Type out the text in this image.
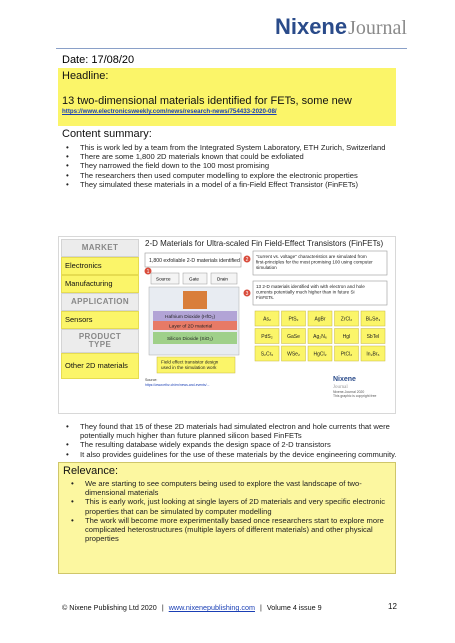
NixeneJournal
Date: 17/08/20
Headline:
13 two-dimensional materials identified for FETs, some new
https://www.electronicsweekly.com/news/research-news/754433-2020-08/
Content summary:
• This is work led by a team from the Integrated System Laboratory, ETH Zurich, Switzerland
• There are some 1,800 2D materials known that could be exfoliated
• They narrowed the field down to the 100 most promising
• The researchers then used computer modelling to explore the electronic properties
• They simulated these materials in a model of a fin-Field Effect Transistor (FinFETs)
MARKET
Electronics
Manufacturing
APPLICATION
Sensors
PRODUCT TYPE
Other 2D materials
2-D Materials for Ultra-scaled Fin Field-Effect Transistors (FinFETs)
1,800 exfoliable 2-D materials identified
1
Source	Gate	Drain
Hafnium Dioxide (HfO₂)
Layer of 2D material
Silicon Dioxide (SiO₂)
Field effect transistor design used in the simulation work
Source:
https://www.ethz.ch/en/news-and-events/...
2
"current vs. voltage" characteristics are simulated from first-principles for the most promising 100 using computer simulation
3
13 2-D materials identified with with electron and hole currents potentially much higher than in future Si FinFETs.
As₂	PtS₂	AgBr	ZrCl₂	Bi₂Se₃
PdS₂	GaSe	Ag₂N₆	HgI	SbTeI
S₂Cr₆	WSe₂	HgCl₂	PtCl₂	In₂Br₆
Nixene
Journal
Nixene-Journal 2020
This graphic is copyright free
• They found that 15 of these 2D materials had simulated electron and hole currents that were potentially much higher than future planned silicon based FinFETs
• The resulting database widely expands the design space of 2-D transistors
• It also provides guidelines for the use of these materials by the device engineering community.
Relevance:
• We are starting to see computers being used to explore the vast landscape of two-dimensional materials
• This is early work, just looking at single layers of 2D materials and very specific electronic properties that can be simulated by computer modelling
• The work will become more experimentally based once researchers start to explore more complicated heterostructures (multiple layers of different materials) and other physical properties
© Nixene Publishing Ltd 2020 | www.nixenepublishing.com | Volume 4 issue 9	12
